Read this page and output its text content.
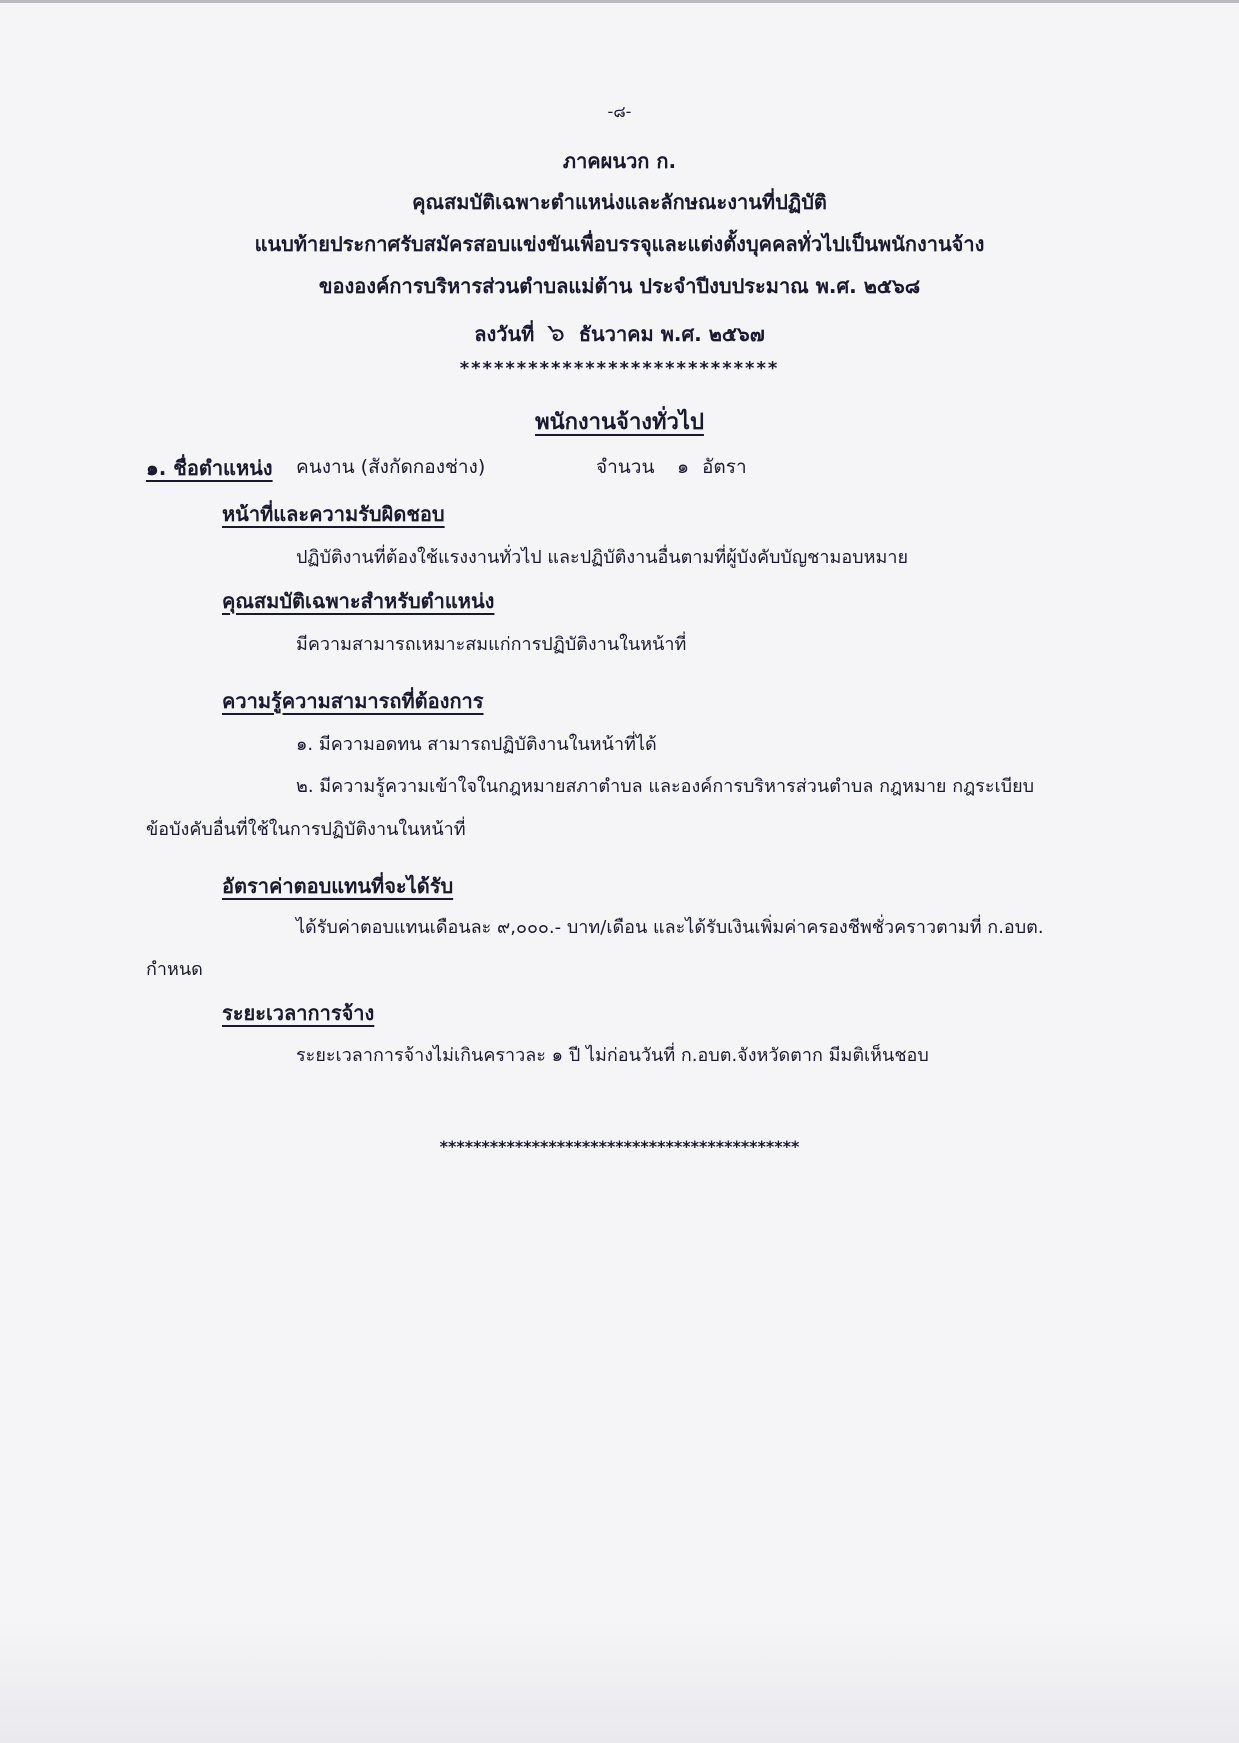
-๘-
ภาคผนวก ก.
คุณสมบัติเฉพาะตำแหน่งและลักษณะงานที่ปฏิบัติ
แนบท้ายประกาศรับสมัครสอบแข่งขันเพื่อบรรจุและแต่งตั้งบุคคลทั่วไปเป็นพนักงานจ้าง
ขององค์การบริหารส่วนตำบลแม่ต้าน ประจำปีงบประมาณ พ.ศ. ๒๕๖๘
ลงวันที่ ๖ ธันวาคม พ.ศ. ๒๕๖๗
****************************
พนักงานจ้างทั่วไป
๑. ชื่อตำแหน่ง คนงาน (สังกัดกองช่าง)	จำนวน ๑ อัตรา
หน้าที่และความรับผิดชอบ
ปฏิบัติงานที่ต้องใช้แรงงานทั่วไป และปฏิบัติงานอื่นตามที่ผู้บังคับบัญชามอบหมาย
คุณสมบัติเฉพาะสำหรับตำแหน่ง
มีความสามารถเหมาะสมแก่การปฏิบัติงานในหน้าที่
ความรู้ความสามารถที่ต้องการ
๑. มีความอดทน สามารถปฏิบัติงานในหน้าที่ได้
๒. มีความรู้ความเข้าใจในกฎหมายสภาตำบล และองค์การบริหารส่วนตำบล กฎหมาย กฎระเบียบ
ข้อบังคับอื่นที่ใช้ในการปฏิบัติงานในหน้าที่
อัตราค่าตอบแทนที่จะได้รับ
ได้รับค่าตอบแทนเดือนละ ๙,๐๐๐.- บาท/เดือน และได้รับเงินเพิ่มค่าครองชีพชั่วคราวตามที่ ก.อบต.
กำหนด
ระยะเวลาการจ้าง
ระยะเวลาการจ้างไม่เกินคราวละ ๑ ปี ไม่ก่อนวันที่ ก.อบต.จังหวัดตาก มีมติเห็นชอบ
*******************************************
